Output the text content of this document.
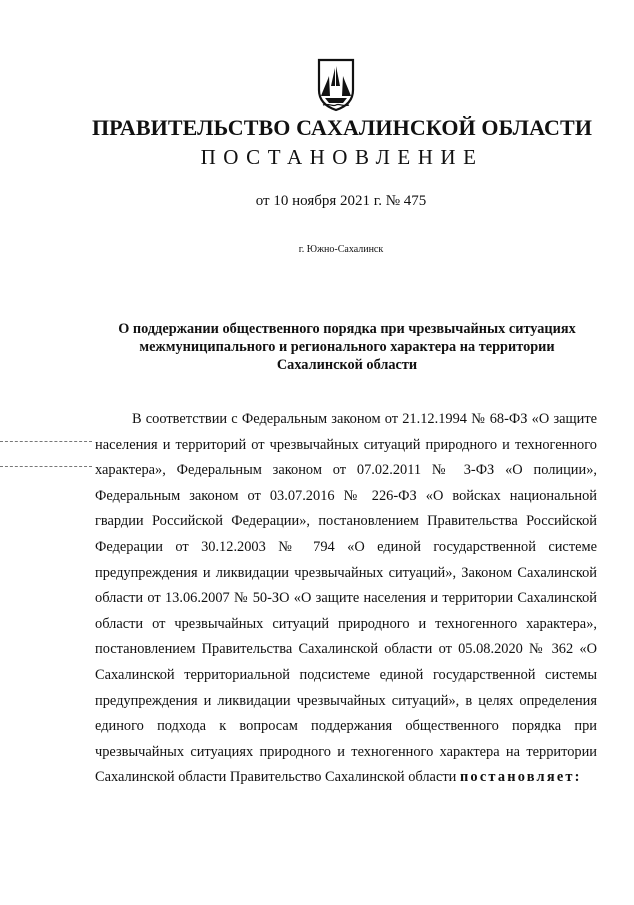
ПРАВИТЕЛЬСТВО САХАЛИНСКОЙ ОБЛАСТИ
ПОСТАНОВЛЕНИЕ
от 10 ноября 2021 г. № 475
г. Южно-Сахалинск
О поддержании общественного порядка при чрезвычайных ситуациях
межмуниципального и регионального характера на территории
Сахалинской области

В соответствии с Федеральным законом от 21.12.1994 № 68-ФЗ «О защите населения и территорий от чрезвычайных ситуаций природного и техногенного характера», Федеральным законом от 07.02.2011 № 3-ФЗ «О полиции», Федеральным законом от 03.07.2016 № 226-ФЗ «О войсках национальной гвардии Российской Федерации», постановлением Правительства Российской Федерации от 30.12.2003 № 794 «О единой государственной системе предупреждения и ликвидации чрезвычайных ситуаций», Законом Сахалинской области от 13.06.2007 № 50-ЗО «О защите населения и территории Сахалинской области от чрезвычайных ситуаций природного и техногенного характера», постановлением Правительства Сахалинской области от 05.08.2020 № 362 «О Сахалинской территориальной подсистеме единой государственной системы предупреждения и ликвидации чрезвычайных ситуаций», в целях определения единого подхода к вопросам поддержания общественного порядка при чрезвычайных ситуациях природного и техногенного характера на территории Сахалинской области Правительство Сахалинской области постановляет:
